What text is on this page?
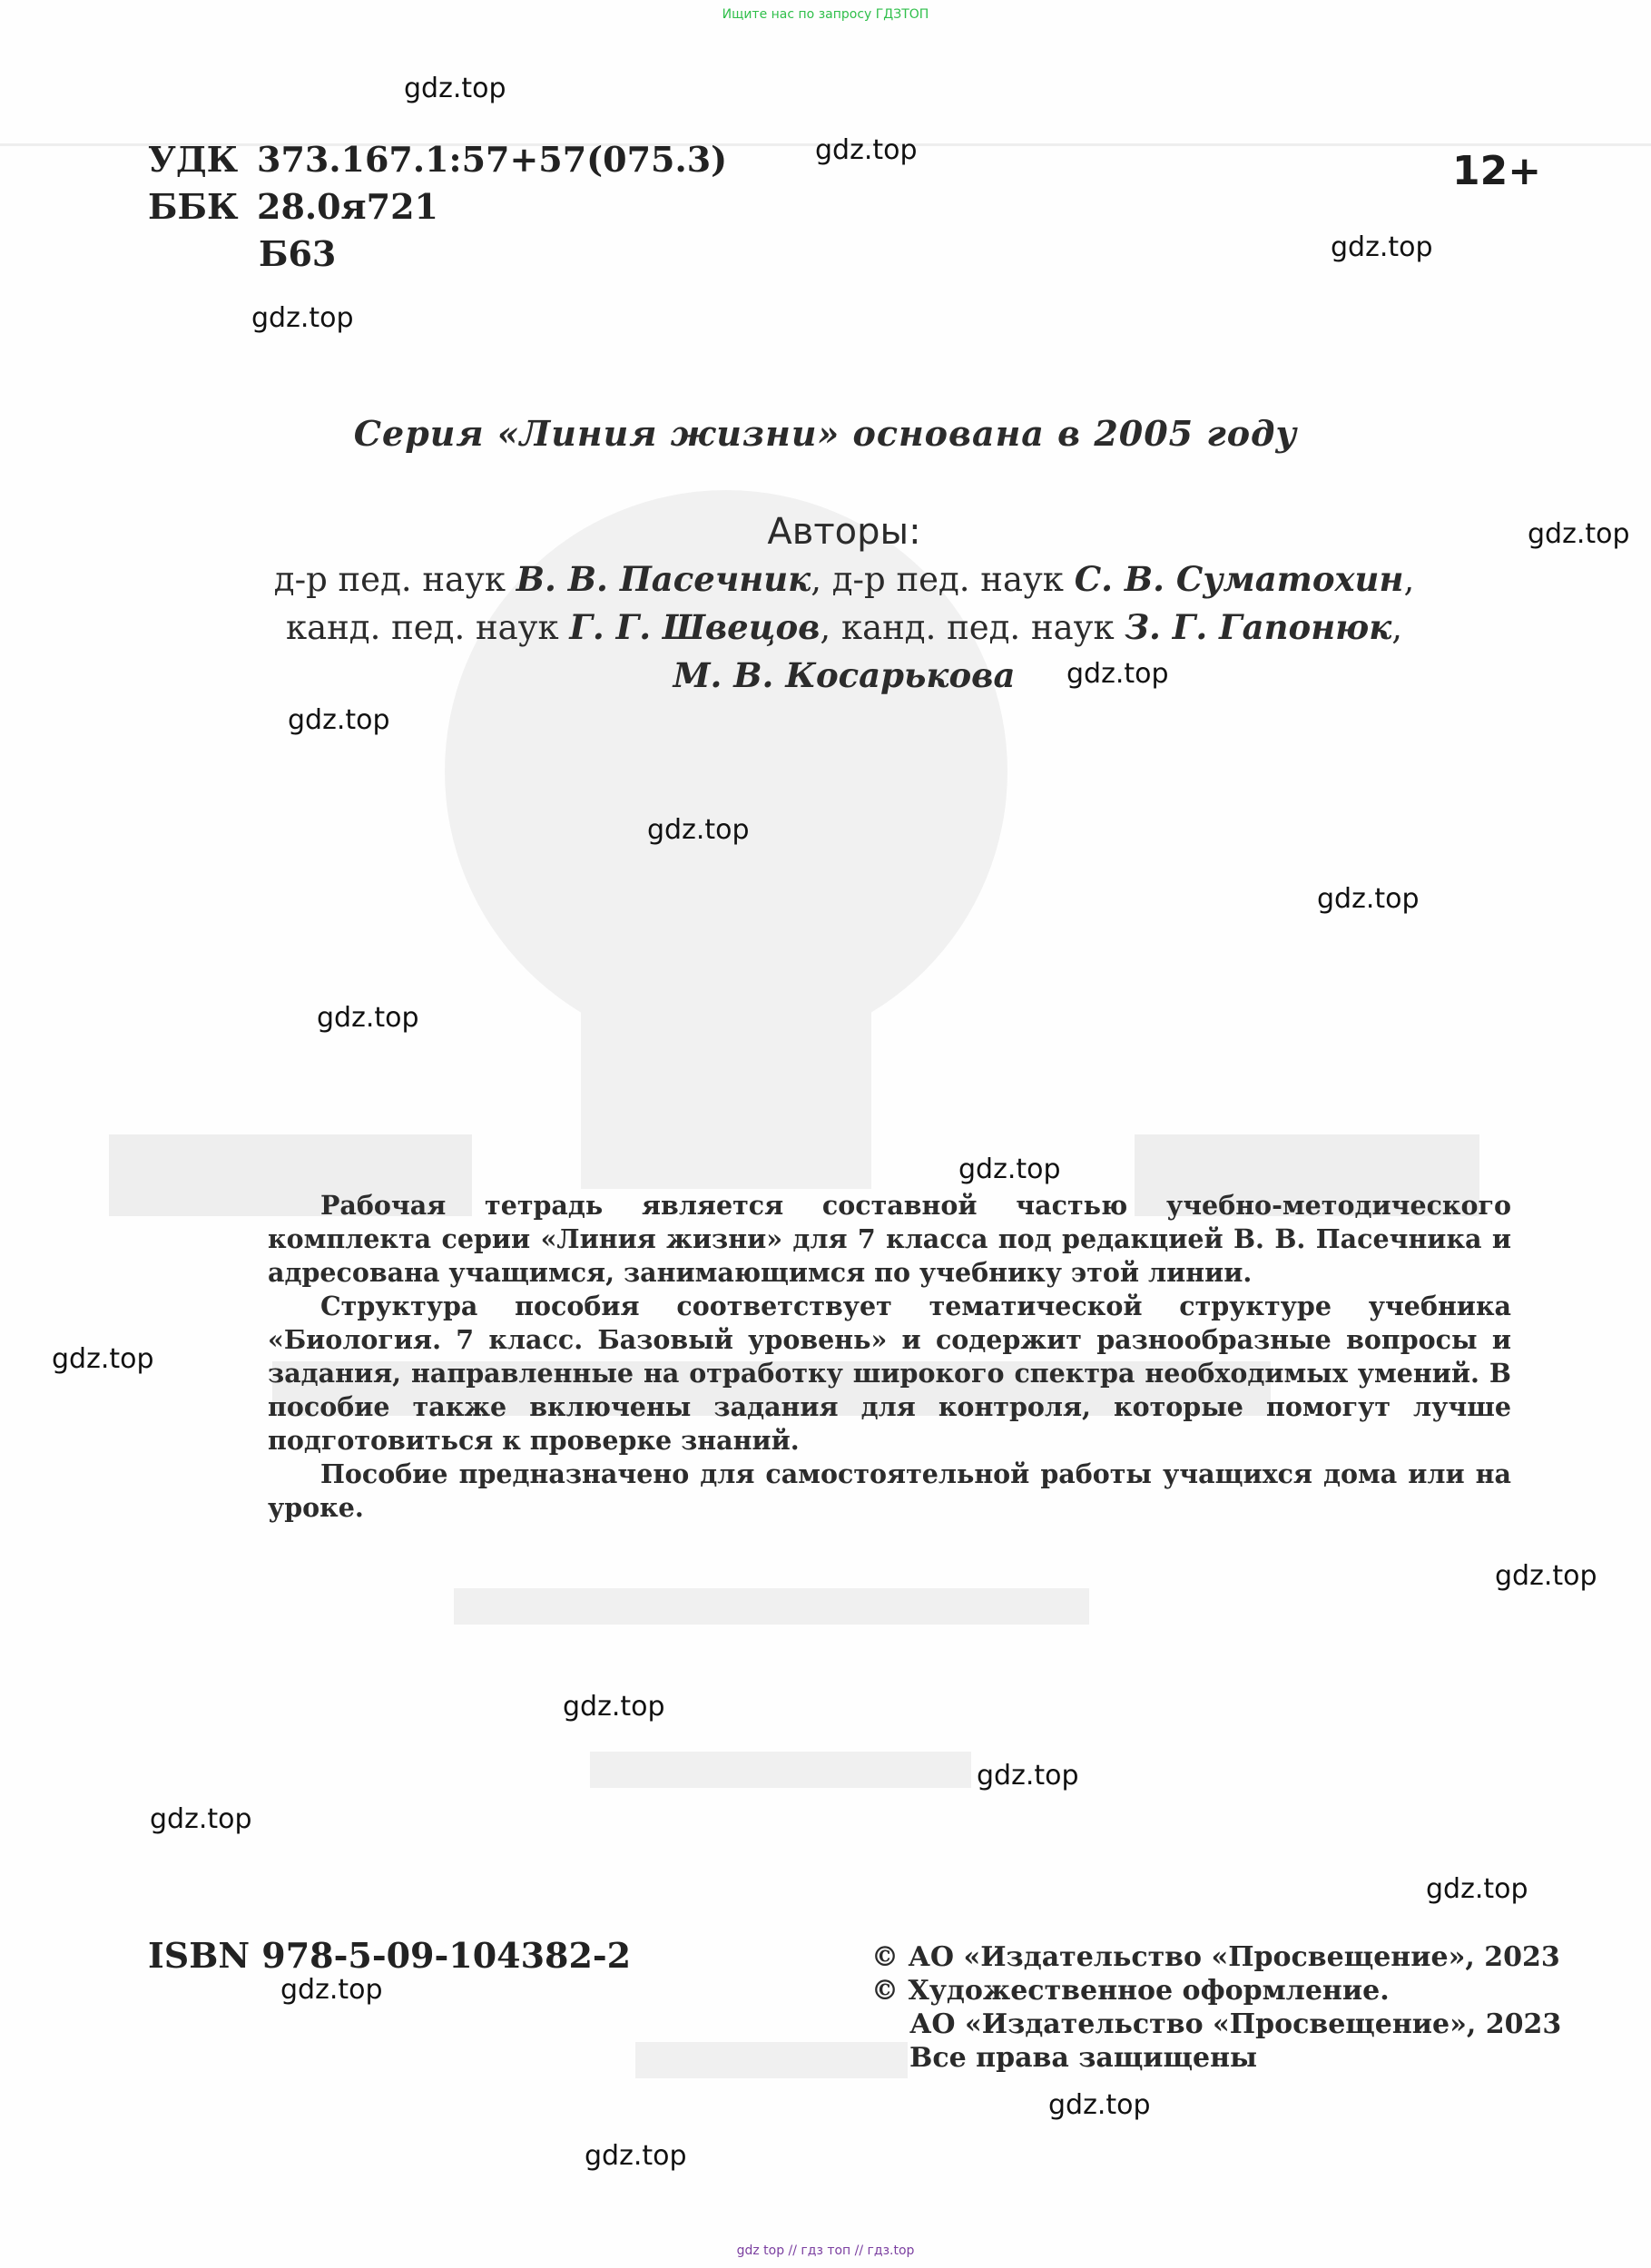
Ищите нас по запросу ГДЗТОП
УДК 373.167.1:57+57(075.3)
ББК 28.0я721
Б63
12+
Серия «Линия жизни» основана в 2005 году
Авторы:
д-р пед. наук В. В. Пасечник, д-р пед. наук С. В. Суматохин,
канд. пед. наук Г. Г. Швецов, канд. пед. наук З. Г. Гапонюк,
М. В. Косарькова

Рабочая тетрадь является составной частью учебно-методического комплекта серии «Линия жизни» для 7 класса под редакцией В. В. Пасечника и адресована учащимся, занимающимся по учебнику этой линии.

Структура пособия соответствует тематической структуре учебника «Биология. 7 класс. Базовый уровень» и содержит разнообразные вопросы и задания, направленные на отработку широкого спектра необходимых умений. В пособие также включены задания для контроля, которые помогут лучше подготовиться к проверке знаний.

Пособие предназначено для самостоятельной работы учащихся дома или на уроке.

ISBN 978-5-09-104382-2	© АО «Издательство «Просвещение», 2023
© Художественное оформление.
АО «Издательство «Просвещение», 2023
Все права защищены
gdz.top
gdz.top
gdz.top
gdz.top
gdz.top
gdz.top
gdz.top
gdz.top
gdz.top
gdz.top
gdz.top
gdz.top
gdz.top
gdz.top
gdz.top
gdz.top
gdz.top
gdz.top
gdz.top
gdz.top
gdz top // гдз топ // гдз.top
